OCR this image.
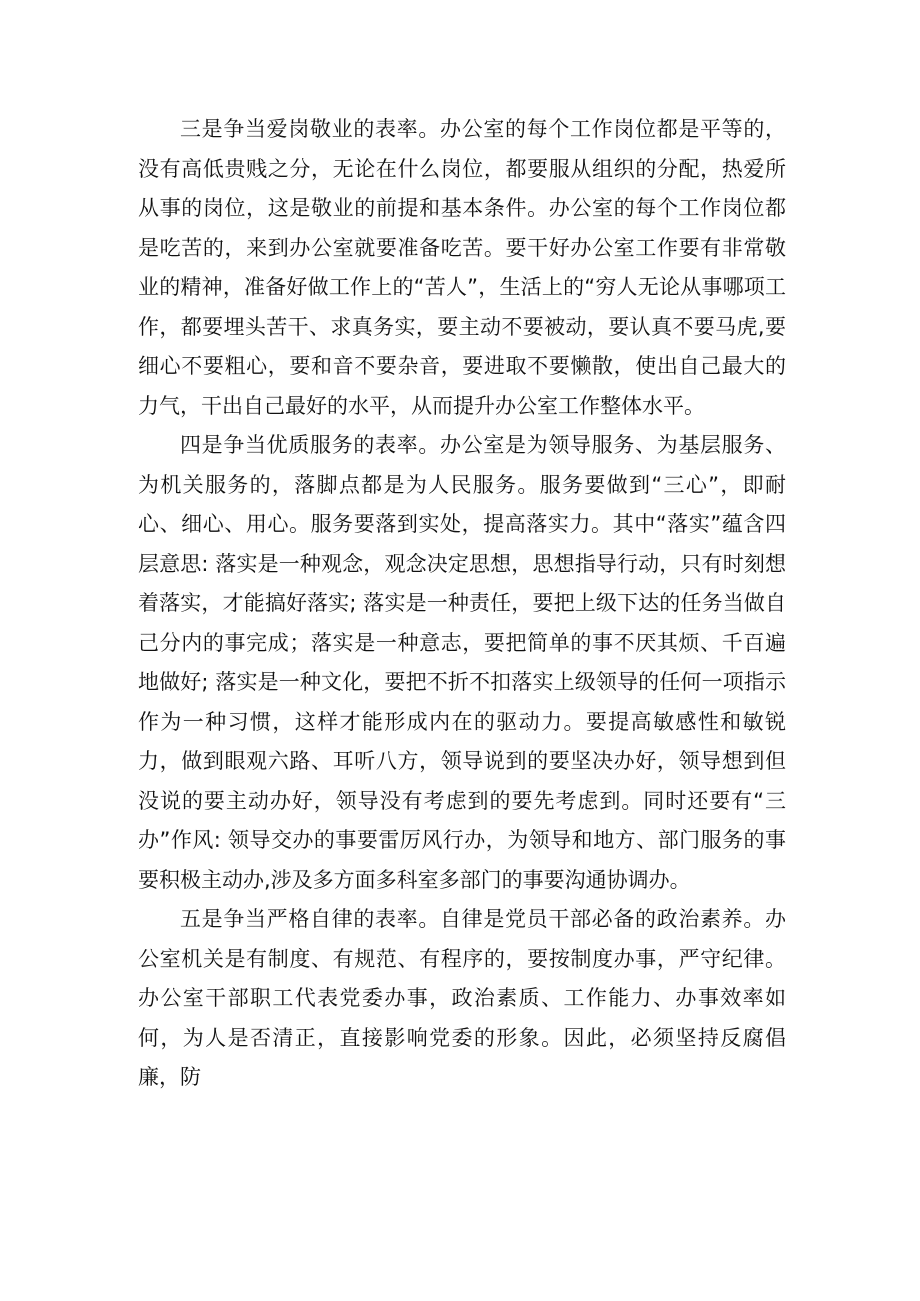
三是争当爱岗敬业的表率。办公室的每个工作岗位都是平等的，没有高低贵贱之分，无论在什么岗位，都要服从组织的分配，热爱所从事的岗位，这是敬业的前提和基本条件。办公室的每个工作岗位都是吃苦的，来到办公室就要准备吃苦。要干好办公室工作要有非常敬业的精神，准备好做工作上的“苦人”，生活上的“穷人无论从事哪项工作，都要埋头苦干、求真务实，要主动不要被动，要认真不要马虎,要细心不要粗心，要和音不要杂音，要进取不要懒散，使出自己最大的力气，干出自己最好的水平，从而提升办公室工作整体水平。

四是争当优质服务的表率。办公室是为领导服务、为基层服务、为机关服务的，落脚点都是为人民服务。服务要做到“三心”，即耐心、细心、用心。服务要落到实处，提高落实力。其中“落实”蕴含四层意思: 落实是一种观念，观念决定思想，思想指导行动，只有时刻想着落实，才能搞好落实; 落实是一种责任，要把上级下达的任务当做自己分内的事完成；落实是一种意志，要把简单的事不厌其烦、千百遍地做好; 落实是一种文化，要把不折不扣落实上级领导的任何一项指示作为一种习惯，这样才能形成内在的驱动力。要提高敏感性和敏锐力，做到眼观六路、耳听八方，领导说到的要坚决办好，领导想到但没说的要主动办好，领导没有考虑到的要先考虑到。同时还要有“三办”作风: 领导交办的事要雷厉风行办，为领导和地方、部门服务的事要积极主动办,涉及多方面多科室多部门的事要沟通协调办。

五是争当严格自律的表率。自律是党员干部必备的政治素养。办公室机关是有制度、有规范、有程序的，要按制度办事，严守纪律。办公室干部职工代表党委办事，政治素质、工作能力、办事效率如何，为人是否清正，直接影响党委的形象。因此，必须坚持反腐倡廉，防
